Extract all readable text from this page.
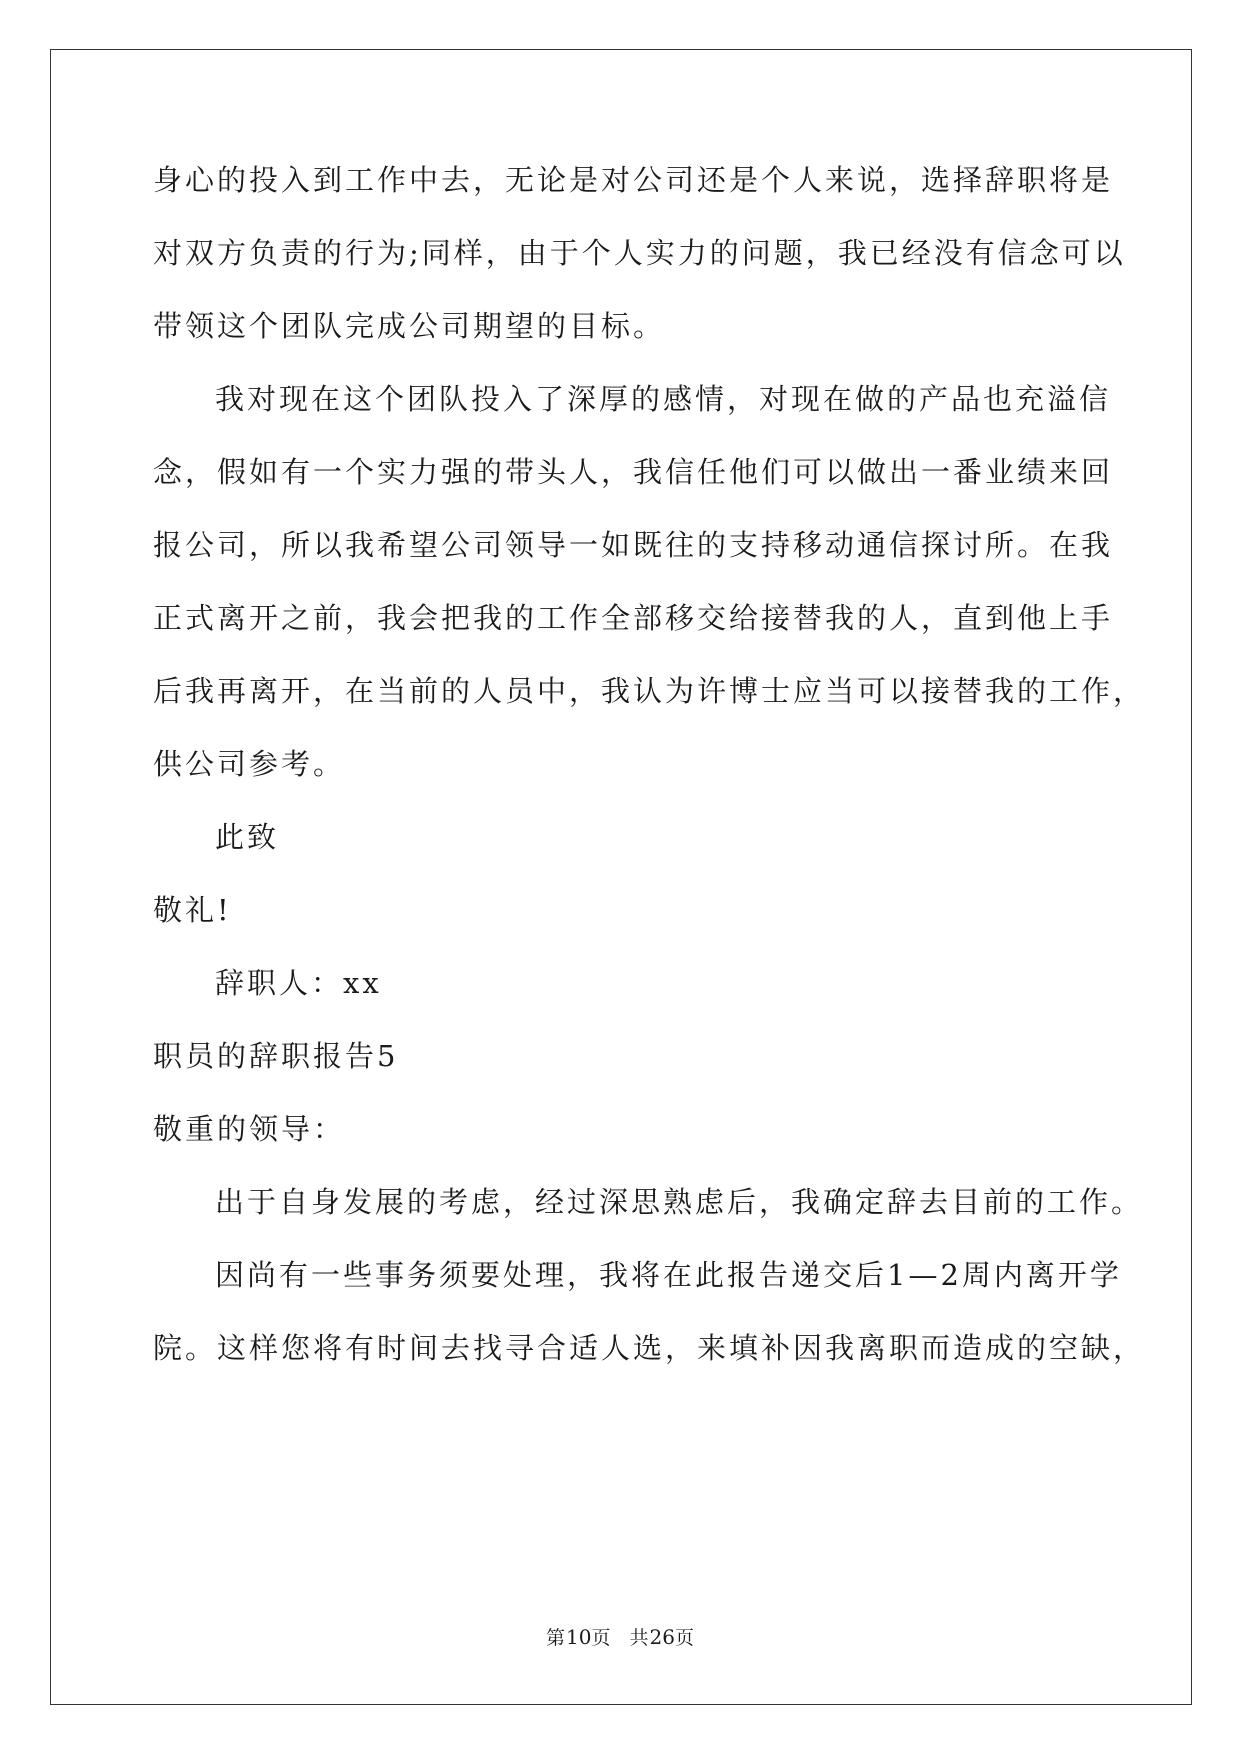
身心的投入到工作中去，无论是对公司还是个人来说，选择辞职将是
对双方负责的行为;同样，由于个人实力的问题，我已经没有信念可以
带领这个团队完成公司期望的目标。
我对现在这个团队投入了深厚的感情，对现在做的产品也充溢信
念，假如有一个实力强的带头人，我信任他们可以做出一番业绩来回
报公司，所以我希望公司领导一如既往的支持移动通信探讨所。在我
正式离开之前，我会把我的工作全部移交给接替我的人，直到他上手
后我再离开，在当前的人员中，我认为许博士应当可以接替我的工作，
供公司参考。
此致
敬礼!
辞职人：xx
职员的辞职报告5
敬重的领导：
出于自身发展的考虑，经过深思熟虑后，我确定辞去目前的工作。
因尚有一些事务须要处理，我将在此报告递交后1—2周内离开学
院。这样您将有时间去找寻合适人选，来填补因我离职而造成的空缺，
第10页 共26页
